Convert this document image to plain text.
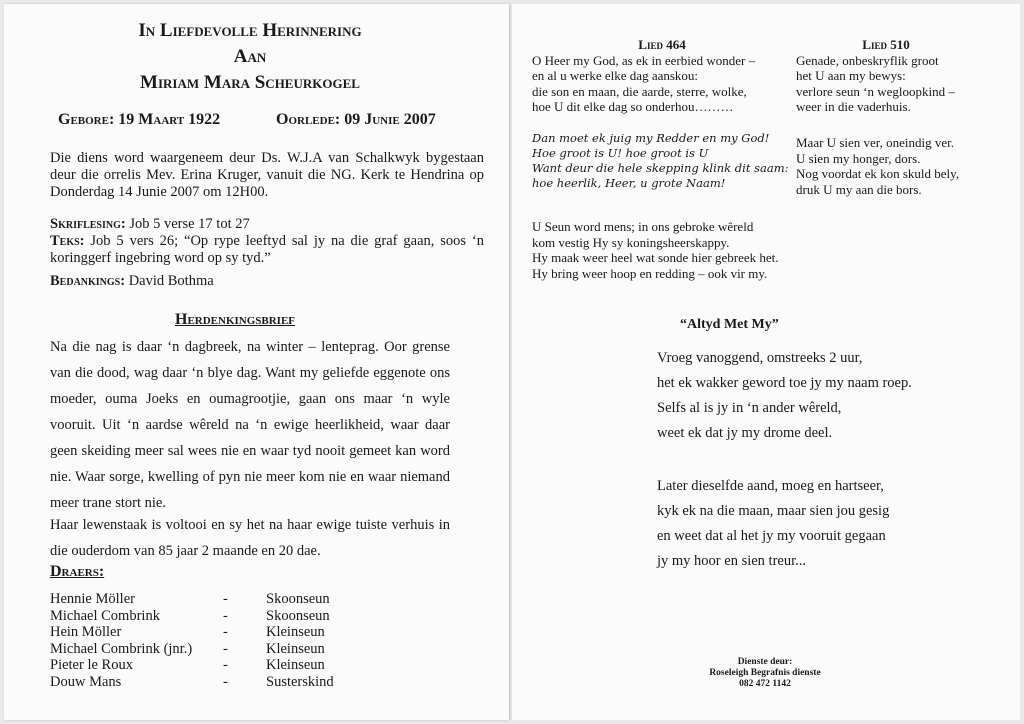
In Liefdevolle Herinnering
Aan
Miriam Mara Scheurkogel
Gebore: 19 Maart 1922	Oorlede: 09 Junie 2007
Die diens word waargeneem deur Ds. W.J.A van Schalkwyk bygestaan deur die orrelis Mev. Erina Kruger, vanuit die NG. Kerk te Hendrina op Donderdag 14 Junie 2007 om 12H00.
Skriflesing: Job 5 verse 17 tot 27
Teks: Job 5 vers 26; “Op rype leeftyd sal jy na die graf gaan, soos ‘n koringgerf ingebring word op sy tyd.”
Bedankings: David Bothma
Herdenkingsbrief
Na die nag is daar ‘n dagbreek, na winter – lenteprag. Oor grense van die dood, wag daar ‘n blye dag. Want my geliefde eggenote ons moeder, ouma Joeks en oumagrootjie, gaan ons maar ‘n wyle vooruit. Uit ‘n aardse wêreld na ‘n ewige heerlikheid, waar daar geen skeiding meer sal wees nie en waar tyd nooit gemeet kan word nie. Waar sorge, kwelling of pyn nie meer kom nie en waar niemand meer trane stort nie.
Haar lewenstaak is voltooi en sy het na haar ewige tuiste verhuis in die ouderdom van 85 jaar 2 maande en 20 dae.
Draers:
Hennie Möller	-	Skoonseun
Michael Combrink	-	Skoonseun
Hein Möller	-	Kleinseun
Michael Combrink (jnr.) -	Kleinseun
Pieter le Roux	-	Kleinseun
Douw Mans	-	Susterskind
Lied 464
O Heer my God, as ek in eerbied wonder –
en al u werke elke dag aanskou:
die son en maan, die aarde, sterre, wolke,
hoe U dit elke dag so onderhou………
Dan moet ek juig my Redder en my God!
Hoe groot is U! hoe groot is U
Want deur die hele skepping klink dit saam:
hoe heerlik, Heer, u grote Naam!
U Seun word mens; in ons gebroke wêreld
kom vestig Hy sy koningsheerskappy.
Hy maak weer heel wat sonde hier gebreek het.
Hy bring weer hoop en redding – ook vir my.
Lied 510
Genade, onbeskryflik groot
het U aan my bewys:
verlore seun ‘n wegloopkind –
weer in die vaderhuis.
Maar U sien ver, oneindig ver.
U sien my honger, dors.
Nog voordat ek kon skuld bely,
druk U my aan die bors.
“Altyd Met My”
Vroeg vanoggend, omstreeks 2 uur,
het ek wakker geword toe jy my naam roep.
Selfs al is jy in ‘n ander wêreld,
weet ek dat jy my drome deel.
Later dieselfde aand, moeg en hartseer,
kyk ek na die maan, maar sien jou gesig
en weet dat al het jy my vooruit gegaan
jy my hoor en sien treur...
Dienste deur:
Roseleigh Begrafnis dienste
082 472 1142
